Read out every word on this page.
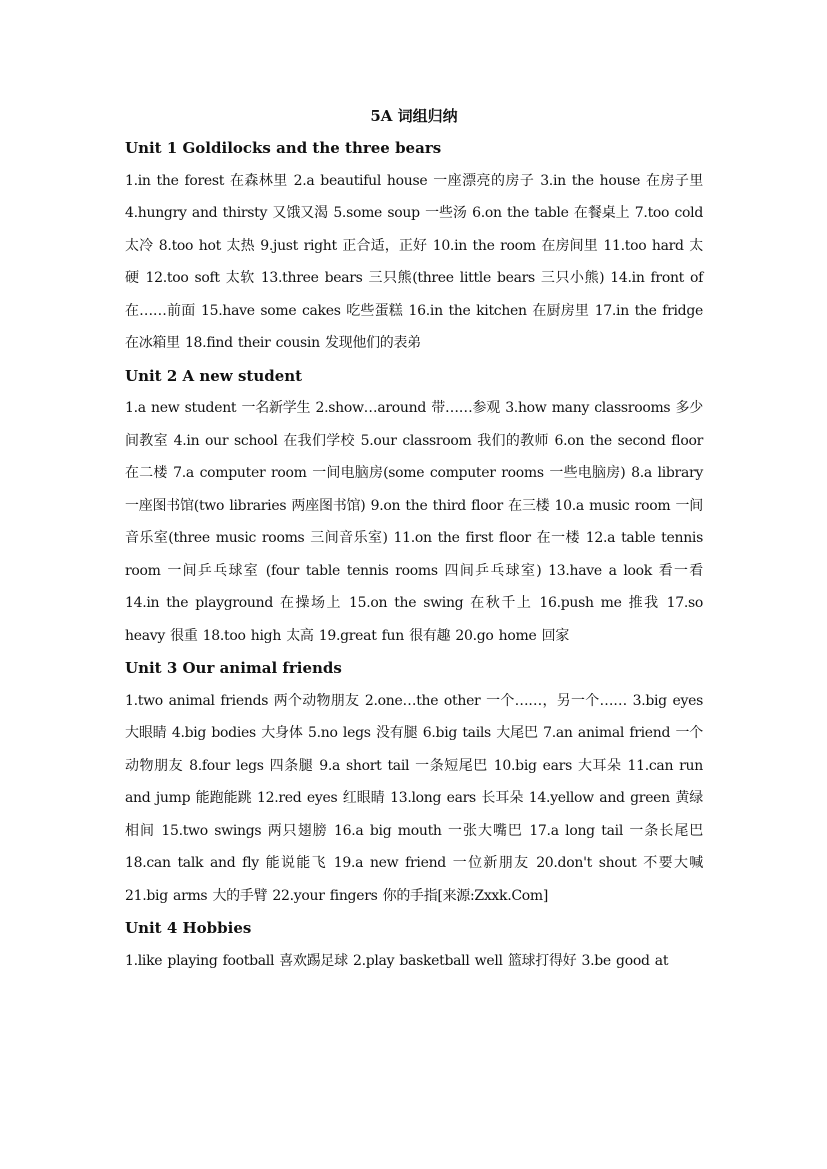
5A 词组归纳
Unit 1 Goldilocks and the three bears

1.in the forest 在森林里 2.a beautiful house 一座漂亮的房子 3.in the house 在房子里 4.hungry and thirsty 又饿又渴 5.some soup 一些汤 6.on the table 在餐桌上 7.too cold 太冷 8.too hot 太热 9.just right 正合适，正好 10.in the room 在房间里 11.too hard 太硬 12.too soft 太软 13.three bears 三只熊(three little bears 三只小熊) 14.in front of 在……前面 15.have some cakes 吃些蛋糕 16.in the kitchen 在厨房里 17.in the fridge 在冰箱里 18.find their cousin 发现他们的表弟

Unit 2 A new student

1.a new student 一名新学生 2.show…around 带……参观 3.how many classrooms 多少间教室 4.in our school 在我们学校 5.our classroom 我们的教师 6.on the second floor 在二楼 7.a computer room 一间电脑房(some computer rooms 一些电脑房) 8.a library 一座图书馆(two libraries 两座图书馆) 9.on the third floor 在三楼 10.a music room 一间音乐室(three music rooms 三间音乐室) 11.on the first floor 在一楼 12.a table tennis room 一间乒乓球室 (four table tennis rooms 四间乒乓球室) 13.have a look 看一看 14.in the playground 在操场上 15.on the swing 在秋千上 16.push me 推我 17.so heavy 很重 18.too high 太高 19.great fun 很有趣 20.go home 回家

Unit 3 Our animal friends

1.two animal friends 两个动物朋友 2.one…the other 一个……，另一个…… 3.big eyes 大眼睛 4.big bodies 大身体 5.no legs 没有腿 6.big tails 大尾巴 7.an animal friend 一个动物朋友 8.four legs 四条腿 9.a short tail 一条短尾巴 10.big ears 大耳朵 11.can run and jump 能跑能跳 12.red eyes 红眼睛 13.long ears 长耳朵 14.yellow and green 黄绿相间 15.two swings 两只翅膀 16.a big mouth 一张大嘴巴 17.a long tail 一条长尾巴 18.can talk and fly 能说能飞 19.a new friend 一位新朋友 20.don't shout 不要大喊 21.big arms 大的手臂 22.your fingers 你的手指[来源:Zxxk.Com]

Unit 4 Hobbies

1.like playing football 喜欢踢足球 2.play basketball well 篮球打得好 3.be good at
